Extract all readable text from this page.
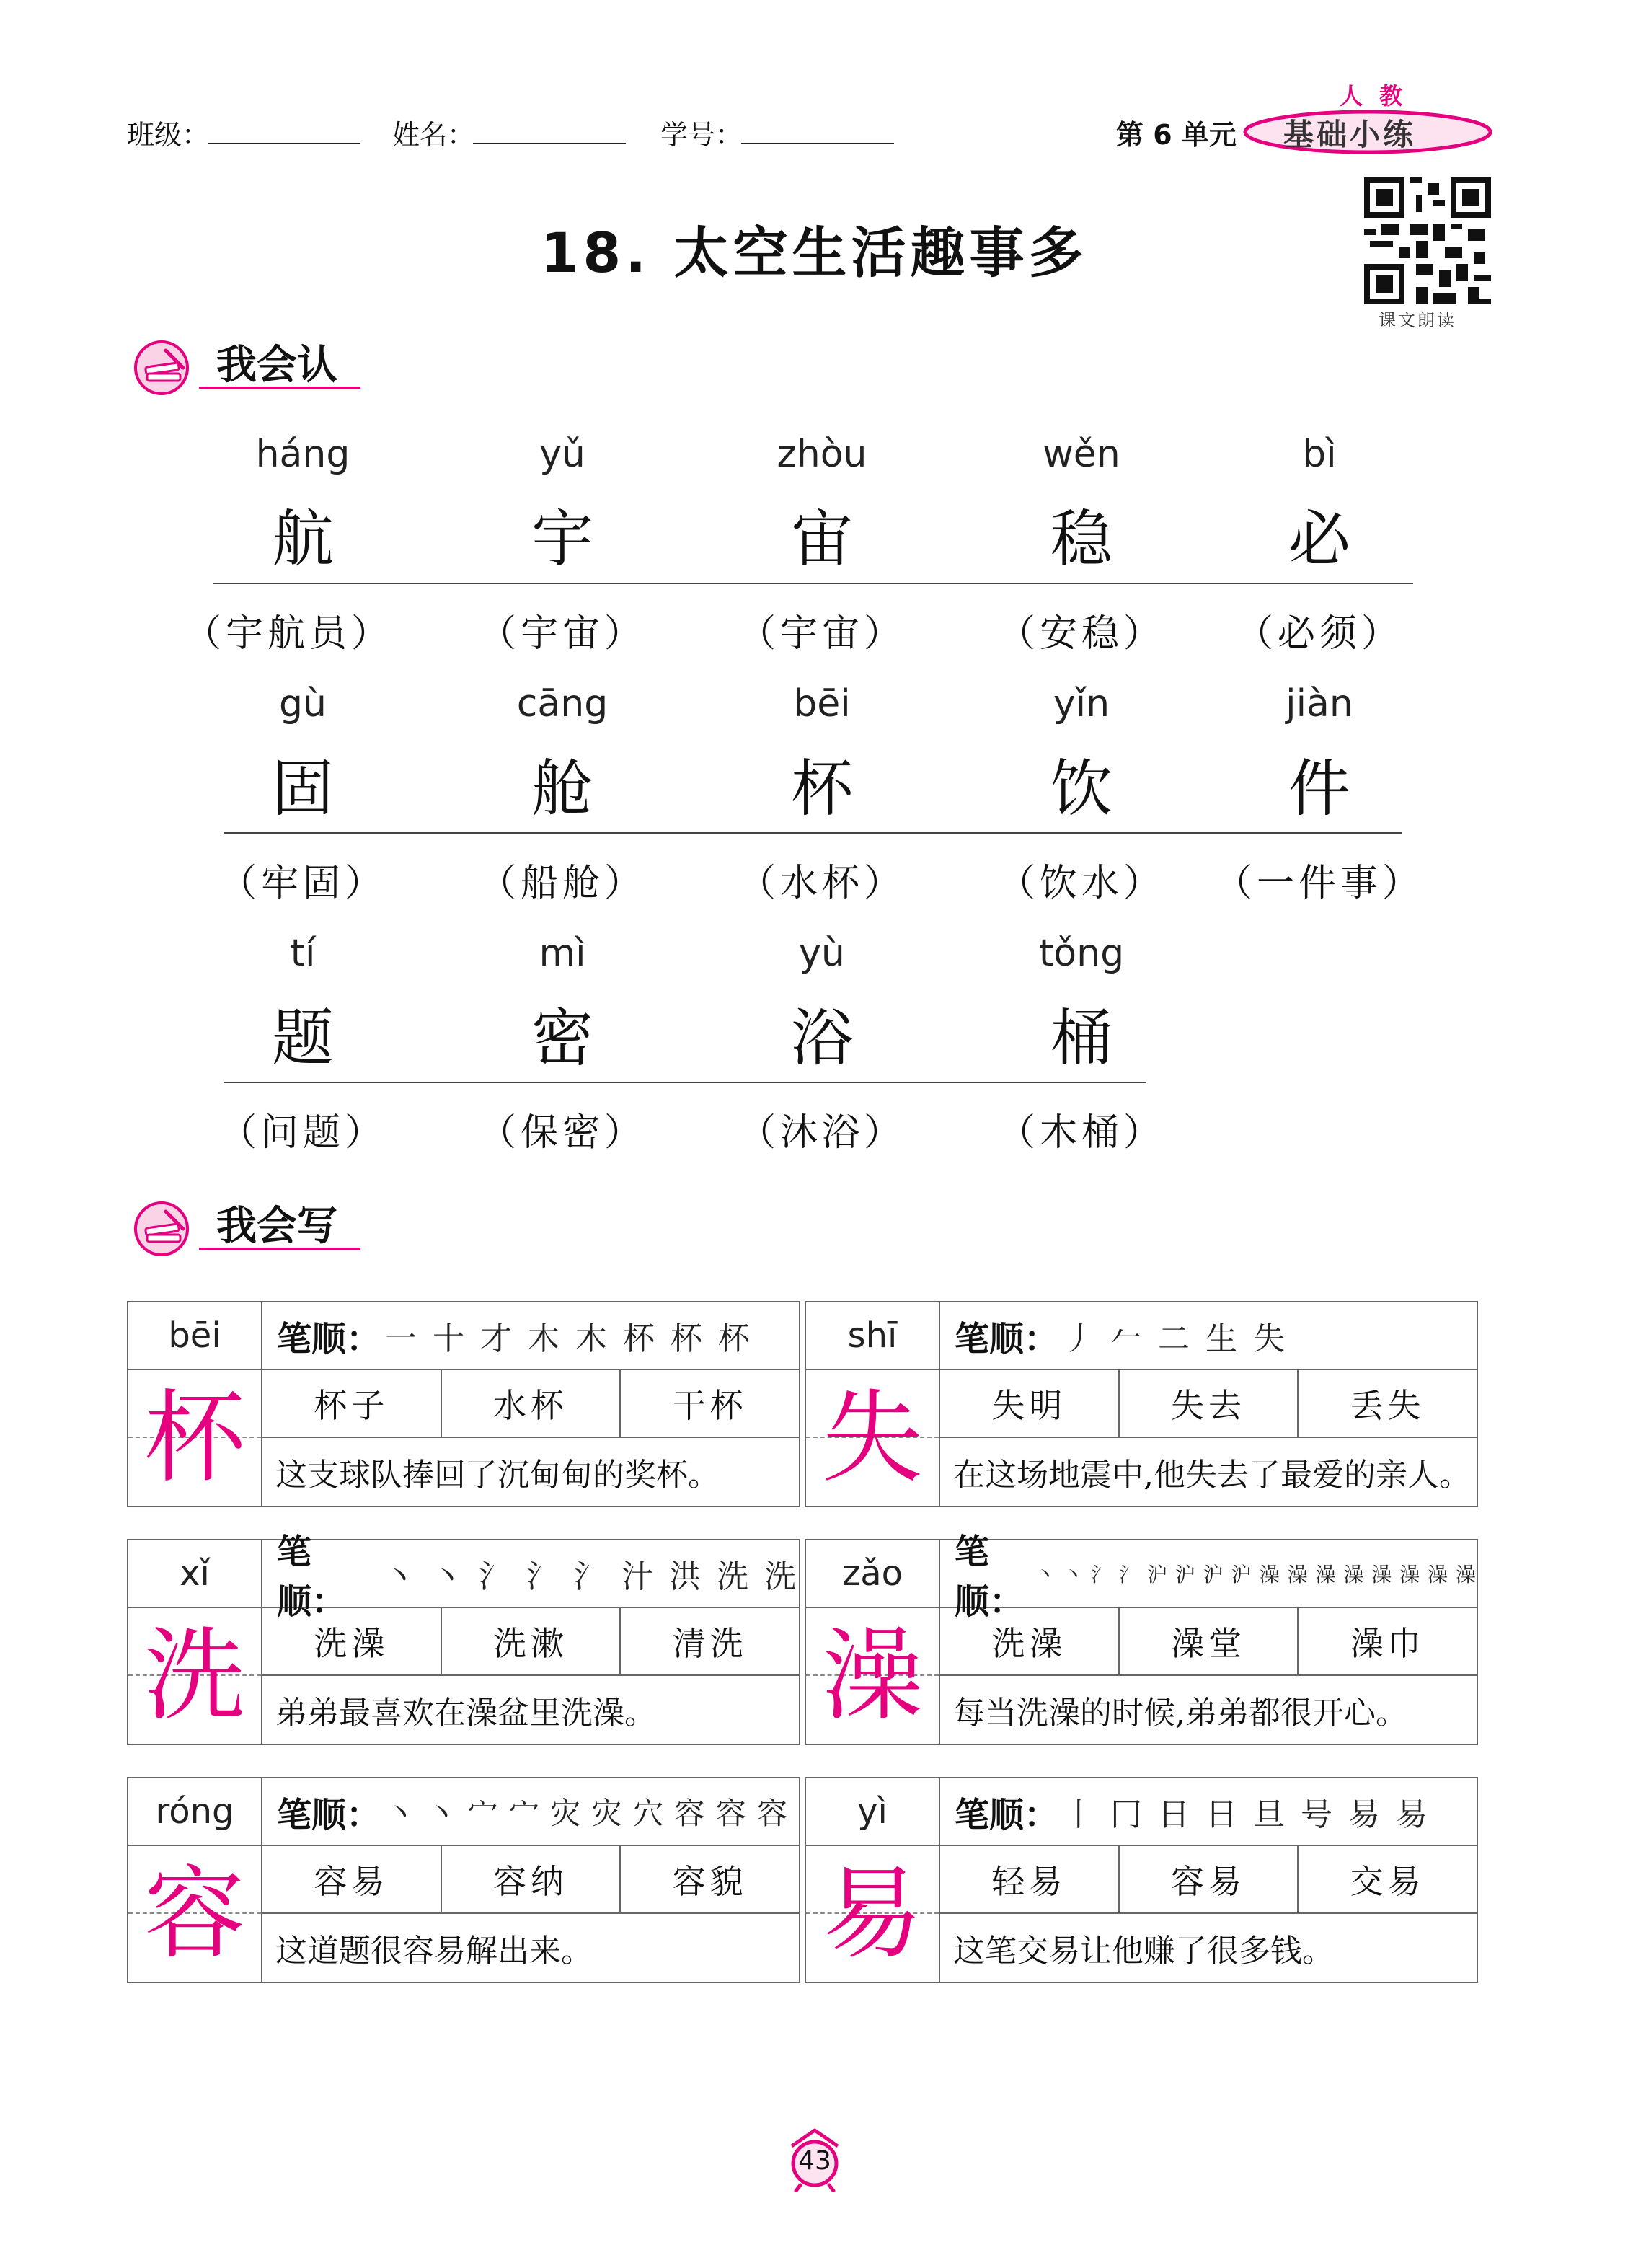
班级：	姓名：	学号：	第 6 单元
人 教
基础小练
课文朗读
18. 太空生活趣事多
我会认
háng
航
（宇航员）
yǔ
宇
（宇宙）
zhòu
宙
（宇宙）
wěn
稳
（安稳）
bì
必
（必须）
gù
固
（牢固）
cāng
舱
（船舱）
bēi
杯
（水杯）
yǐn
饮
（饮水）
jiàn
件
（一件事）
tí
题
（问题）
mì
密
（保密）
yù
浴
（沐浴）
tǒng
桶
（木桶）
我会写
bēi
杯
笔顺： 一 十 才 木 木 杯 杯 杯
杯子	水杯	干杯
这支球队捧回了沉甸甸的奖杯。
shī
失
笔顺： 丿 𠂉 二 生 失
失明	失去	丢失
在这场地震中,他失去了最爱的亲人。
xǐ
洗
笔顺：
丶 丶 氵 氵 氵 汁 洪 洗 洗
洗澡	洗漱	清洗
弟弟最喜欢在澡盆里洗澡。
zǎo
澡
笔顺：
丶 丶 氵 氵 沪 沪 沪 沪 澡 澡 澡 澡 澡 澡 澡 澡
洗澡	澡堂	澡巾
每当洗澡的时候,弟弟都很开心。
róng
容
笔顺： 丶 丶 宀 宀 灾 灾 穴 容 容 容
容易	容纳	容貌
这道题很容易解出来。
yì
易
笔顺： 丨 冂 日 日 旦 号 易 易
轻易	容易	交易
这笔交易让他赚了很多钱。
43
